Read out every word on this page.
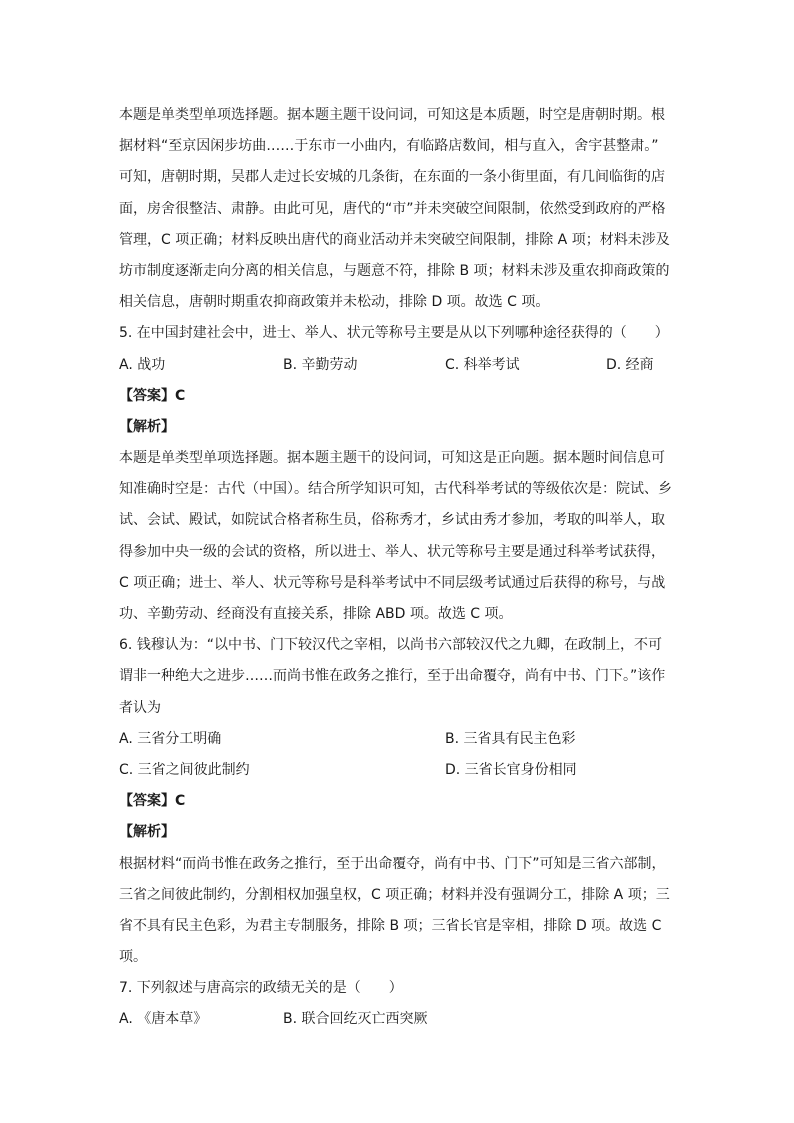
本题是单类型单项选择题。据本题主题干设问词，可知这是本质题，时空是唐朝时期。根
据材料“至京因闲步坊曲……于东市一小曲内，有临路店数间，相与直入，舍宇甚整肃。”
可知，唐朝时期，吴郡人走过长安城的几条街，在东面的一条小街里面，有几间临街的店
面，房舍很整洁、肃静。由此可见，唐代的“市”并未突破空间限制，依然受到政府的严格
管理，C 项正确；材料反映出唐代的商业活动并未突破空间限制，排除 A 项；材料未涉及
坊市制度逐渐走向分离的相关信息，与题意不符，排除 B 项；材料未涉及重农抑商政策的
相关信息，唐朝时期重农抑商政策并未松动，排除 D 项。故选 C 项。
5. 在中国封建社会中，进士、举人、状元等称号主要是从以下列哪种途径获得的（　　）
A. 战功	B. 辛勤劳动	C. 科举考试	D. 经商
【答案】C
【解析】
本题是单类型单项选择题。据本题主题干的设问词，可知这是正向题。据本题时间信息可
知准确时空是：古代（中国）。结合所学知识可知，古代科举考试的等级依次是：院试、乡
试、会试、殿试，如院试合格者称生员，俗称秀才，乡试由秀才参加，考取的叫举人，取
得参加中央一级的会试的资格，所以进士、举人、状元等称号主要是通过科举考试获得，
C 项正确；进士、举人、状元等称号是科举考试中不同层级考试通过后获得的称号，与战
功、辛勤劳动、经商没有直接关系，排除 ABD 项。故选 C 项。
6. 钱穆认为：“以中书、门下较汉代之宰相，以尚书六部较汉代之九卿，在政制上，不可
谓非一种绝大之进步……而尚书惟在政务之推行，至于出命覆夺，尚有中书、门下。”该作
者认为
A. 三省分工明确	B. 三省具有民主色彩
C. 三省之间彼此制约	D. 三省长官身份相同
【答案】C
【解析】
根据材料“而尚书惟在政务之推行，至于出命覆夺，尚有中书、门下”可知是三省六部制，
三省之间彼此制约，分割相权加强皇权，C 项正确；材料并没有强调分工，排除 A 项；三
省不具有民主色彩，为君主专制服务，排除 B 项；三省长官是宰相，排除 D 项。故选 C
项。
7. 下列叙述与唐高宗的政绩无关的是（　　）
A. 《唐本草》	B. 联合回纥灭亡西突厥
